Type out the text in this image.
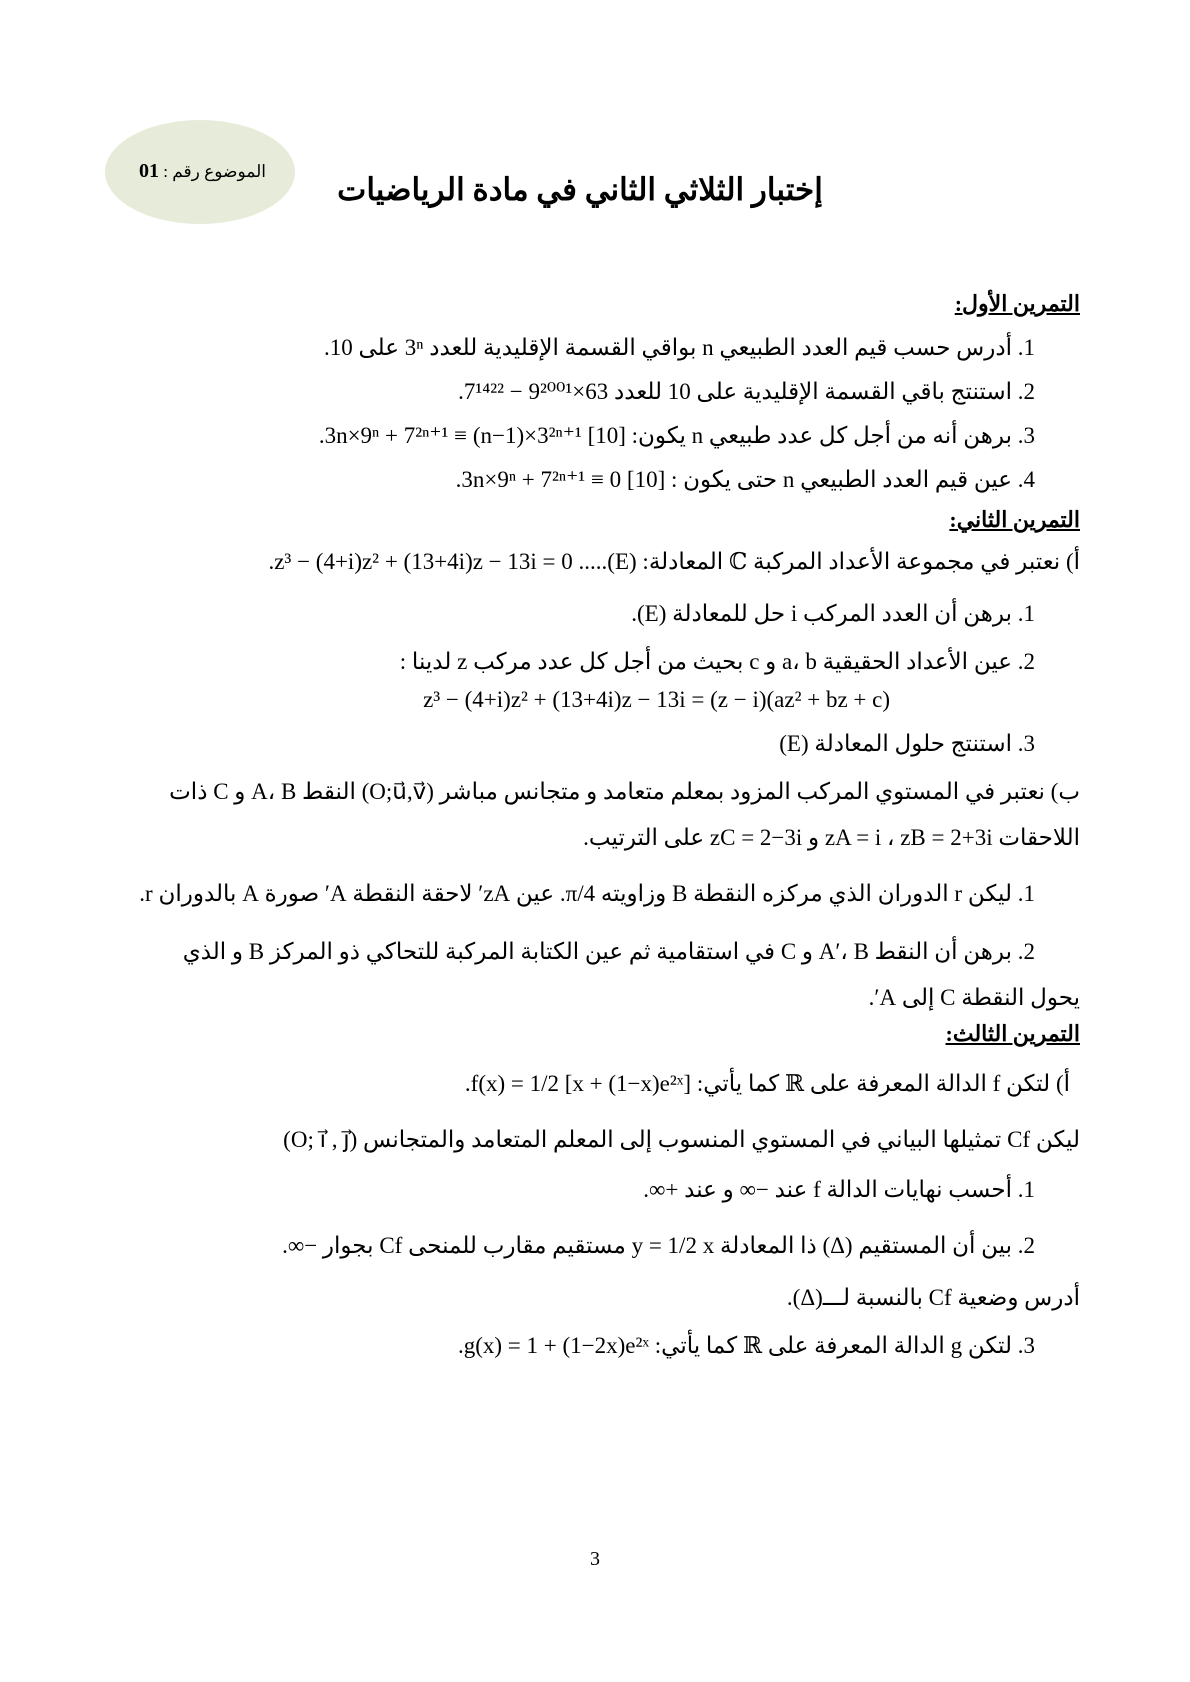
الموضوع رقم : 01
إختبار الثلاثي الثاني في مادة الرياضيات
التمرين الأول:
1. أدرس حسب قيم العدد الطبيعي n بواقي القسمة الإقليدية للعدد 3ⁿ على 10.
2. استنتج باقي القسمة الإقليدية على 10 للعدد 63×9²⁰⁰¹ − 7¹⁴²².
3. برهن أنه من أجل كل عدد طبيعي n يكون: 3n×9ⁿ + 7²ⁿ⁺¹ ≡ (n−1)×3²ⁿ⁺¹ [10].
4. عين قيم العدد الطبيعي n حتى يكون : 3n×9ⁿ + 7²ⁿ⁺¹ ≡ 0 [10].
التمرين الثاني:
أ) نعتبر في مجموعة الأعداد المركبة ℂ المعادلة: (E)..... z³ − (4+i)z² + (13+4i)z − 13i = 0.
1. برهن أن العدد المركب i حل للمعادلة (E).
2. عين الأعداد الحقيقية a، b و c بحيث من أجل كل عدد مركب z لدينا :
z³ − (4+i)z² + (13+4i)z − 13i = (z − i)(az² + bz + c)
3. استنتج حلول المعادلة (E)
ب) نعتبر في المستوي المركب المزود بمعلم متعامد و متجانس مباشر (O;u⃗,v⃗) النقط A، B و C ذات
اللاحقات zA = i ، zB = 2+3i و zC = 2−3i على الترتيب.
1. ليكن r الدوران الذي مركزه النقطة B وزاويته π/4. عين zA′ لاحقة النقطة A′ صورة A بالدوران r.
2. برهن أن النقط A′، B و C في استقامية ثم عين الكتابة المركبة للتحاكي ذو المركز B و الذي
يحول النقطة C إلى A′.
التمرين الثالث:
أ) لتكن f الدالة المعرفة على ℝ كما يأتي: f(x) = 1/2 [x + (1−x)e²ˣ].
ليكن Cf تمثيلها البياني في المستوي المنسوب إلى المعلم المتعامد والمتجانس (O; i⃗ , j⃗)
1. أحسب نهايات الدالة f عند −∞ و عند +∞.
2. بين أن المستقيم (Δ) ذا المعادلة y = 1/2 x مستقيم مقارب للمنحى Cf بجوار −∞.
أدرس وضعية Cf بالنسبة لـــ(Δ).
3. لتكن g الدالة المعرفة على ℝ كما يأتي: g(x) = 1 + (1−2x)e²ˣ.
3
